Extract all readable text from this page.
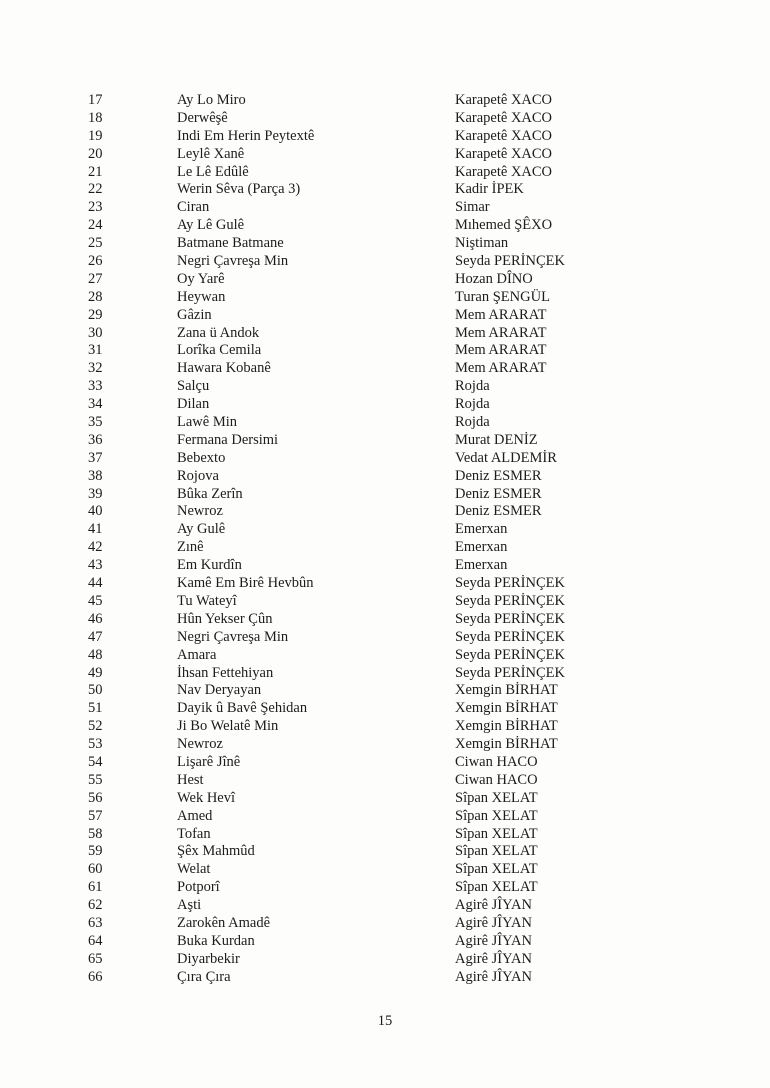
17	Ay Lo Miro	Karapetê XACO
18	Derwêşê	Karapetê XACO
19	Indi Em Herin Peytextê	Karapetê XACO
20	Leylê Xanê	Karapetê XACO
21	Le Lê Edûlê	Karapetê XACO
22	Werin Sêva (Parça 3)	Kadir İPEK
23	Ciran	Simar
24	Ay Lê Gulê	Mıhemed ŞÊXO
25	Batmane Batmane	Niştiman
26	Negri Çavreşa Min	Seyda PERİNÇEK
27	Oy Yarê	Hozan DÎNO
28	Heywan	Turan ŞENGÜL
29	Gâzin	Mem ARARAT
30	Zana ü Andok	Mem ARARAT
31	Lorîka Cemila	Mem ARARAT
32	Hawara Kobanê	Mem ARARAT
33	Salçu	Rojda
34	Dilan	Rojda
35	Lawê Min	Rojda
36	Fermana Dersimi	Murat DENİZ
37	Bebexto	Vedat ALDEMİR
38	Rojova	Deniz ESMER
39	Bûka Zerîn	Deniz ESMER
40	Newroz	Deniz ESMER
41	Ay Gulê	Emerxan
42	Zınê	Emerxan
43	Em Kurdîn	Emerxan
44	Kamê Em Birê Hevbûn	Seyda PERİNÇEK
45	Tu Wateyî	Seyda PERİNÇEK
46	Hûn Yekser Çûn	Seyda PERİNÇEK
47	Negri Çavreşa Min	Seyda PERİNÇEK
48	Amara	Seyda PERİNÇEK
49	İhsan Fettehiyan	Seyda PERİNÇEK
50	Nav Deryayan	Xemgin BİRHAT
51	Dayik û Bavê Şehidan	Xemgin BİRHAT
52	Ji Bo Welatê Min	Xemgin BİRHAT
53	Newroz	Xemgin BİRHAT
54	Lişarê Jînê	Ciwan HACO
55	Hest	Ciwan HACO
56	Wek Hevî	Sîpan XELAT
57	Amed	Sîpan XELAT
58	Tofan	Sîpan XELAT
59	Şêx Mahmûd	Sîpan XELAT
60	Welat	Sîpan XELAT
61	Potporî	Sîpan XELAT
62	Aşti	Agirê JÎYAN
63	Zarokên Amadê	Agirê JÎYAN
64	Buka Kurdan	Agirê JÎYAN
65	Diyarbekir	Agirê JÎYAN
66	Çıra Çıra	Agirê JÎYAN
15
